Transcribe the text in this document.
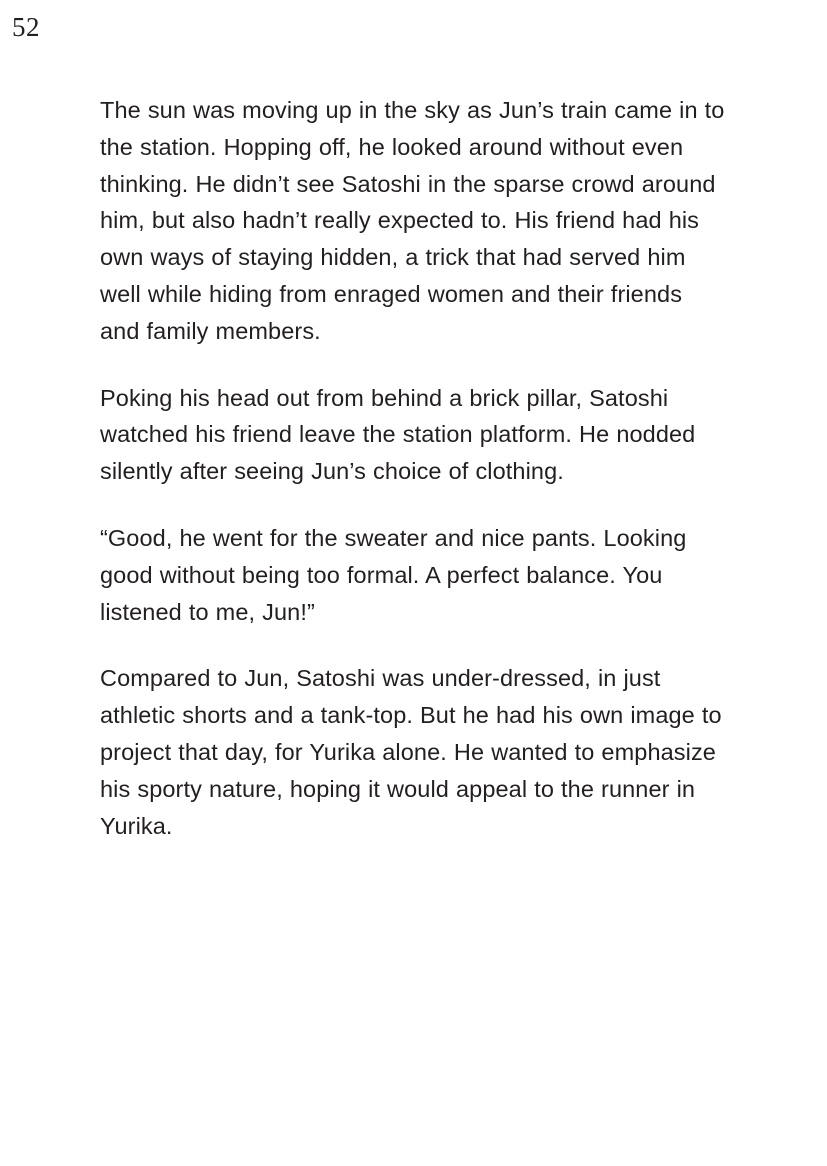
52

The sun was moving up in the sky as Jun’s train came in to the station. Hopping off, he looked around without even thinking. He didn’t see Satoshi in the sparse crowd around him, but also hadn’t really expected to. His friend had his own ways of staying hidden, a trick that had served him well while hiding from enraged women and their friends and family members.

Poking his head out from behind a brick pillar, Satoshi watched his friend leave the station platform. He nodded silently after seeing Jun’s choice of clothing.

“Good, he went for the sweater and nice pants. Looking good without being too formal. A perfect balance. You listened to me, Jun!”

Compared to Jun, Satoshi was under-dressed, in just athletic shorts and a tank-top. But he had his own image to project that day, for Yurika alone. He wanted to emphasize his sporty nature, hoping it would appeal to the runner in Yurika.
